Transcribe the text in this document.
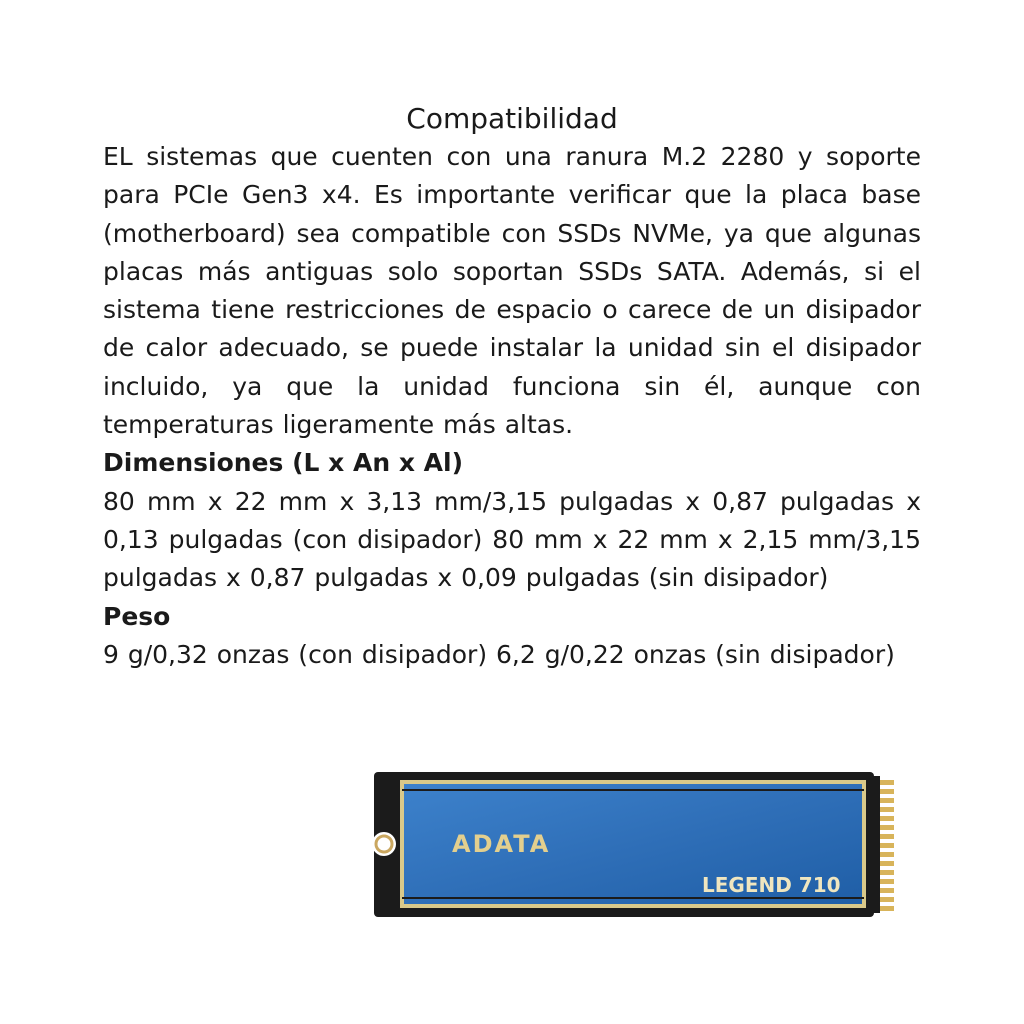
Compatibilidad

EL sistemas que cuenten con una ranura M.2 2280 y soporte para PCIe Gen3 x4. Es importante verificar que la placa base (motherboard) sea compatible con SSDs NVMe, ya que algunas placas más antiguas solo soportan SSDs SATA. Además, si el sistema tiene restricciones de espacio o carece de un disipador de calor adecuado, se puede instalar la unidad sin el disipador incluido, ya que la unidad funciona sin él, aunque con temperaturas ligeramente más altas.

Dimensiones (L x An x Al)

80 mm x 22 mm x 3,13 mm/3,15 pulgadas x 0,87 pulgadas x 0,13 pulgadas (con disipador) 80 mm x 22 mm x 2,15 mm/3,15 pulgadas x 0,87 pulgadas x 0,09 pulgadas (sin disipador)

Peso

9 g/0,32 onzas (con disipador) 6,2 g/0,22 onzas (sin disipador)

ADATA
LEGEND 710
